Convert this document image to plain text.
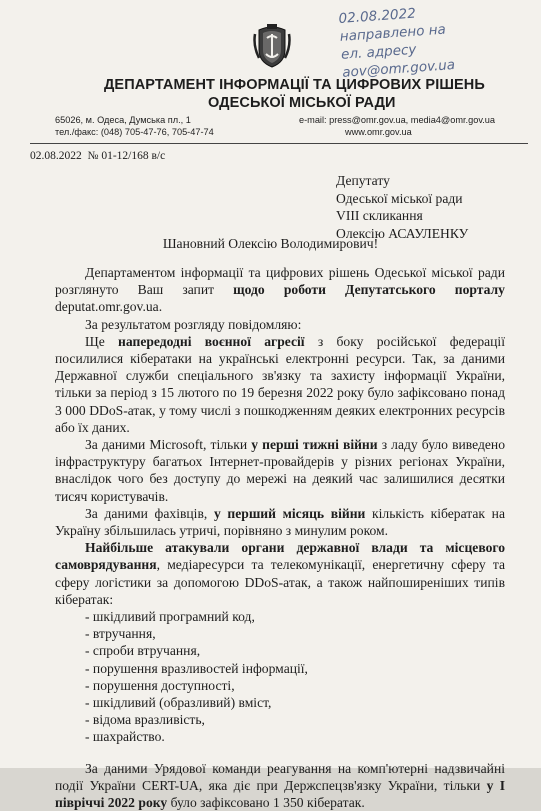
02.08.2022
направлено на
ел. адресу
aov@omr.gov.ua
ДЕПАРТАМЕНТ ІНФОРМАЦІЇ ТА ЦИФРОВИХ РІШЕНЬ
ОДЕСЬКОЇ МІСЬКОЇ РАДИ
65026, м. Одеса, Думська пл., 1
тел./факс: (048) 705-47-76, 705-47-74
e-mail: press@omr.gov.ua, media4@omr.gov.ua
www.omr.gov.ua
02.08.2022  № 01-12/168 в/с
Депутату
Одеської міської ради
VIII скликання
Олексію АСАУЛЕНКУ
Шановний Олексію Володимирович!

Департаментом інформації та цифрових рішень Одеської міської ради розглянуто Ваш запит щодо роботи Депутатського порталу deputat.omr.gov.ua.

За результатом розгляду повідомляю:

Ще напередодні воєнної агресії з боку російської федерації посилилися кібератаки на українські електронні ресурси. Так, за даними Державної служби спеціального зв'язку та захисту інформації України, тільки за період з 15 лютого по 19 березня 2022 року було зафіксовано понад 3 000 DDoS-атак, у тому числі з пошкодженням деяких електронних ресурсів або їх даних.

За даними Microsoft, тільки у перші тижні війни з ладу було виведено інфраструктуру багатьох Інтернет-провайдерів у різних регіонах України, внаслідок чого без доступу до мережі на деякий час залишилися десятки тисяч користувачів.

За даними фахівців, у перший місяць війни кількість кібератак на Україну збільшилась утричі, порівняно з минулим роком.

Найбільше атакували органи державної влади та місцевого самоврядування, медіаресурси та телекомунікації, енергетичну сферу та сферу логістики за допомогою DDoS-атак, а також найпоширеніших типів кібератак:

- шкідливий програмний код,
- втручання,
- спроби втручання,
- порушення вразливостей інформації,
- порушення доступності,
- шкідливий (образливий) вміст,
- відома вразливість,
- шахрайство.

За даними Урядової команди реагування на комп'ютерні надзвичайні події України CERT-UA, яка діє при Держспецзв'язку України, тільки у І півріччі 2022 року було зафіксовано 1 350 кібератак.
